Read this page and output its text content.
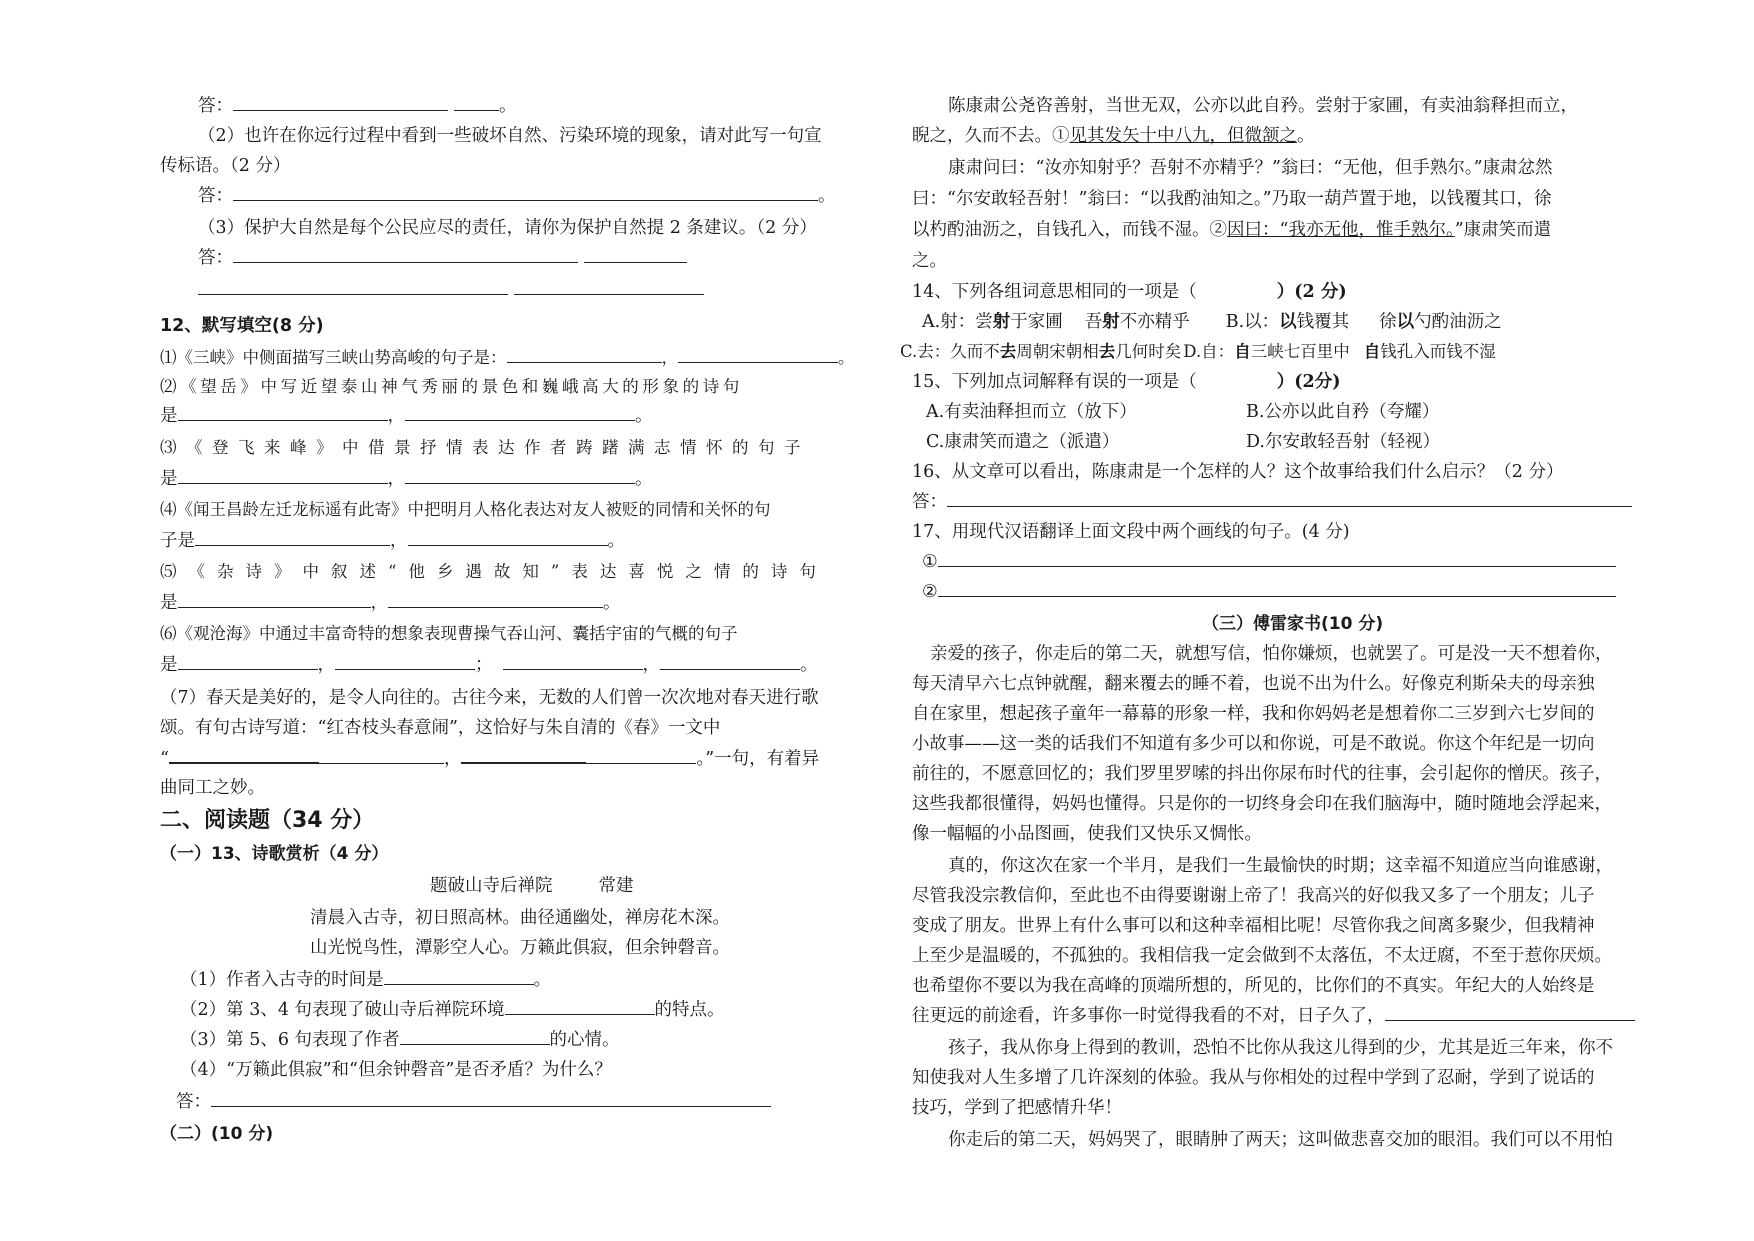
答：	。
（2）也许在你远行过程中看到一些破坏自然、污染环境的现象，请对此写一句宣
传标语。（2 分）
答：	。
（3）保护大自然是每个公民应尽的责任，请你为保护自然提 2 条建议。（2 分）
答：
12、默写填空(8 分)
⑴《三峡》中侧面描写三峡山势高峻的句子是：	，	。
⑵《望岳》中写近望泰山神气秀丽的景色和巍峨高大的形象的诗句
是	，	。
⑶《登飞来峰》中借景抒情表达作者踌躇满志情怀的句子
是	，	。
⑷《闻王昌龄左迁龙标遥有此寄》中把明月人格化表达对友人被贬的同情和关怀的句
子是	，	。
⑸《杂诗》中叙述“他乡遇故知”表达喜悦之情的诗句
是	，	。
⑹《观沧海》中通过丰富奇特的想象表现曹操气吞山河、囊括宇宙的气概的句子
是	，	；	，	。
（7）春天是美好的，是令人向往的。古往今来，无数的人们曾一次次地对春天进行歌
颂。有句古诗写道：“红杏枝头春意闹”，这恰好与朱自清的《春》一文中
“	，	。”一句，有着异
曲同工之妙。
二、阅读题（34 分）
（一）13、诗歌赏析（4 分）
题破山寺后禅院	常建
清晨入古寺，初日照高林。曲径通幽处，禅房花木深。
山光悦鸟性，潭影空人心。万籁此俱寂，但余钟磬音。
（1）作者入古寺的时间是	。
（2）第 3、4 句表现了破山寺后禅院环境	的特点。
（3）第 5、6 句表现了作者	的心情。
（4）“万籁此俱寂”和“但余钟磬音”是否矛盾？为什么？
答：
（二）(10 分)
陈康肃公尧咨善射，当世无双，公亦以此自矜。尝射于家圃，有卖油翁释担而立，
睨之，久而不去。①见其发矢十中八九，但微颔之。
康肃问曰：“汝亦知射乎？吾射不亦精乎？”翁曰：“无他，但手熟尔。”康肃忿然
曰：“尔安敢轻吾射！”翁曰：“以我酌油知之。”乃取一葫芦置于地，以钱覆其口，徐
以杓酌油沥之，自钱孔入，而钱不湿。②因曰：“我亦无他，惟手熟尔。”康肃笑而遣
之。
14、下列各组词意思相同的一项是（	）(2 分)
A.射：尝射于家圃 吾射不亦精乎 B.以：以钱覆其 徐以勺酌油沥之
C.去：久而不去周朝宋朝相去几何时矣 D.自：自三峡七百里中 自钱孔入而钱不湿
15、下列加点词解释有误的一项是（	）(2分)
A.有卖油释担而立（放下）	B.公亦以此自矜（夸耀）
C.康肃笑而遣之（派遣）	D.尔安敢轻吾射（轻视）
16、从文章可以看出，陈康肃是一个怎样的人？这个故事给我们什么启示？（2 分）
答：
17、用现代汉语翻译上面文段中两个画线的句子。(4 分)
①
②
（三）傅雷家书(10 分)
亲爱的孩子，你走后的第二天，就想写信，怕你嫌烦，也就罢了。可是没一天不想着你，
每天清早六七点钟就醒，翻来覆去的睡不着，也说不出为什么。好像克利斯朵夫的母亲独
自在家里，想起孩子童年一幕幕的形象一样，我和你妈妈老是想着你二三岁到六七岁间的
小故事——这一类的话我们不知道有多少可以和你说，可是不敢说。你这个年纪是一切向
前往的，不愿意回忆的；我们罗里罗嗦的抖出你尿布时代的往事，会引起你的憎厌。孩子，
这些我都很懂得，妈妈也懂得。只是你的一切终身会印在我们脑海中，随时随地会浮起来，
像一幅幅的小品图画，使我们又快乐又惆怅。
真的，你这次在家一个半月，是我们一生最愉快的时期；这幸福不知道应当向谁感谢，
尽管我没宗教信仰，至此也不由得要谢谢上帝了！我高兴的好似我又多了一个朋友；儿子
变成了朋友。世界上有什么事可以和这种幸福相比呢！尽管你我之间离多聚少，但我精神
上至少是温暖的，不孤独的。我相信我一定会做到不太落伍，不太迂腐，不至于惹你厌烦。
也希望你不要以为我在高峰的顶端所想的，所见的，比你们的不真实。年纪大的人始终是
往更远的前途看，许多事你一时觉得我看的不对，日子久了，
孩子，我从你身上得到的教训，恐怕不比你从我这儿得到的少，尤其是近三年来，你不
知使我对人生多增了几许深刻的体验。我从与你相处的过程中学到了忍耐，学到了说话的
技巧，学到了把感情升华！
你走后的第二天，妈妈哭了，眼睛肿了两天；这叫做悲喜交加的眼泪。我们可以不用怕
